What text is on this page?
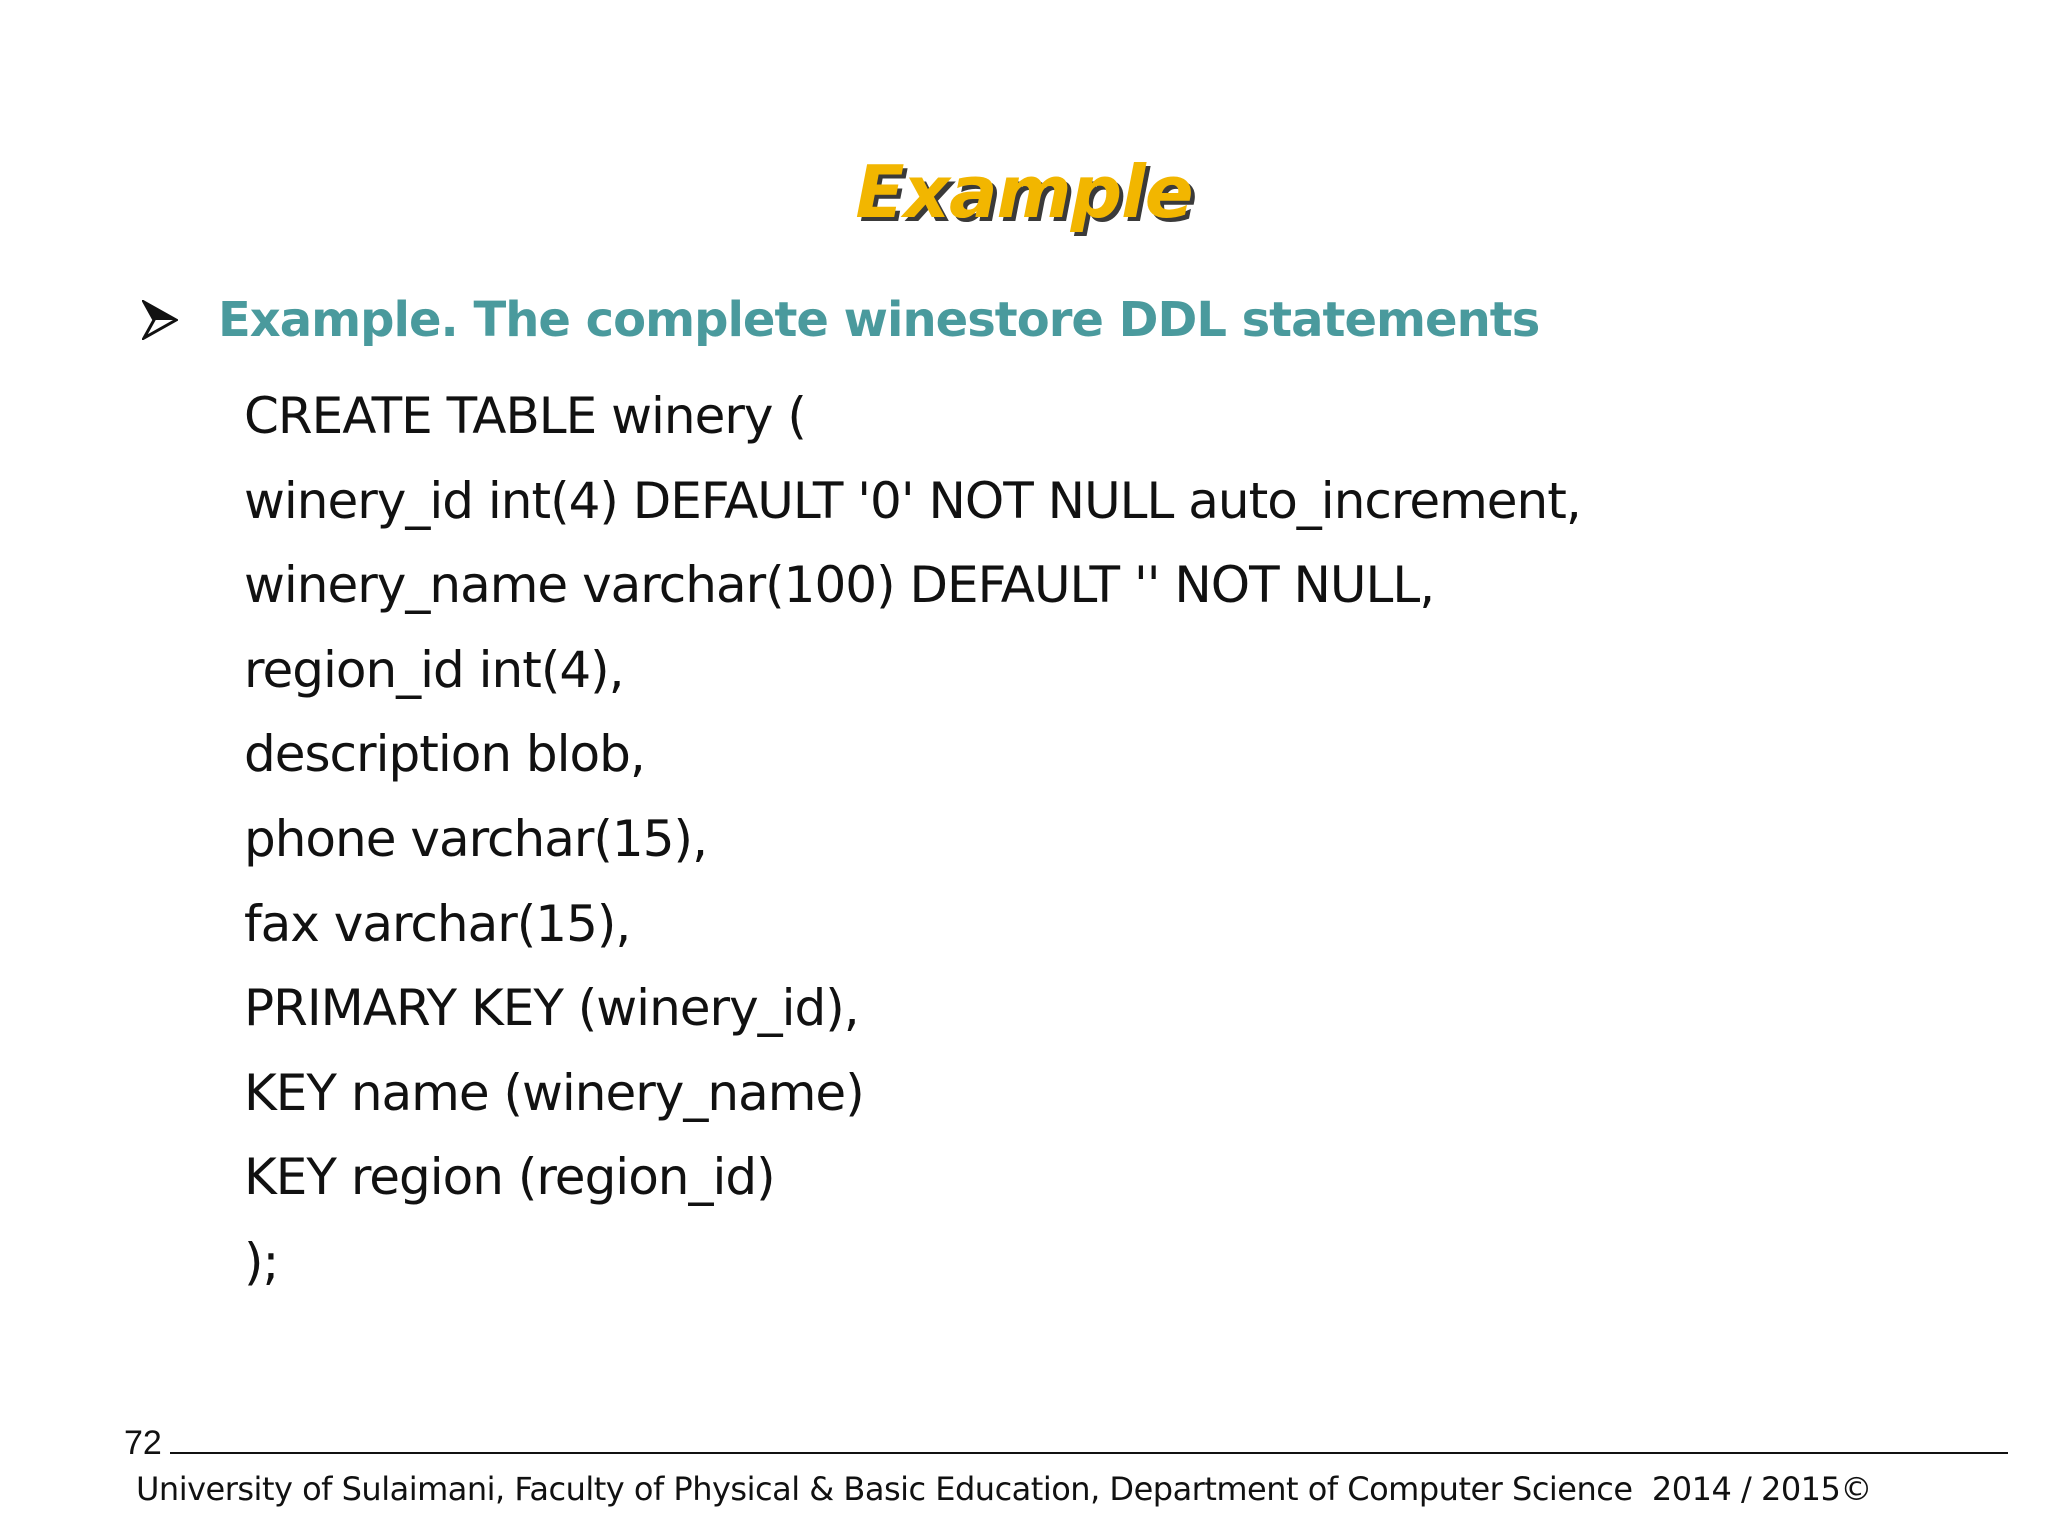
Example
Example. The complete winestore DDL statements
CREATE TABLE winery (
winery_id int(4) DEFAULT '0' NOT NULL auto_increment,
winery_name varchar(100) DEFAULT '' NOT NULL,
region_id int(4),
description blob,
phone varchar(15),
fax varchar(15),
PRIMARY KEY (winery_id),
KEY name (winery_name)
KEY region (region_id)
);
72
University of Sulaimani, Faculty of Physical & Basic Education, Department of Computer Science  2014 / 2015©
